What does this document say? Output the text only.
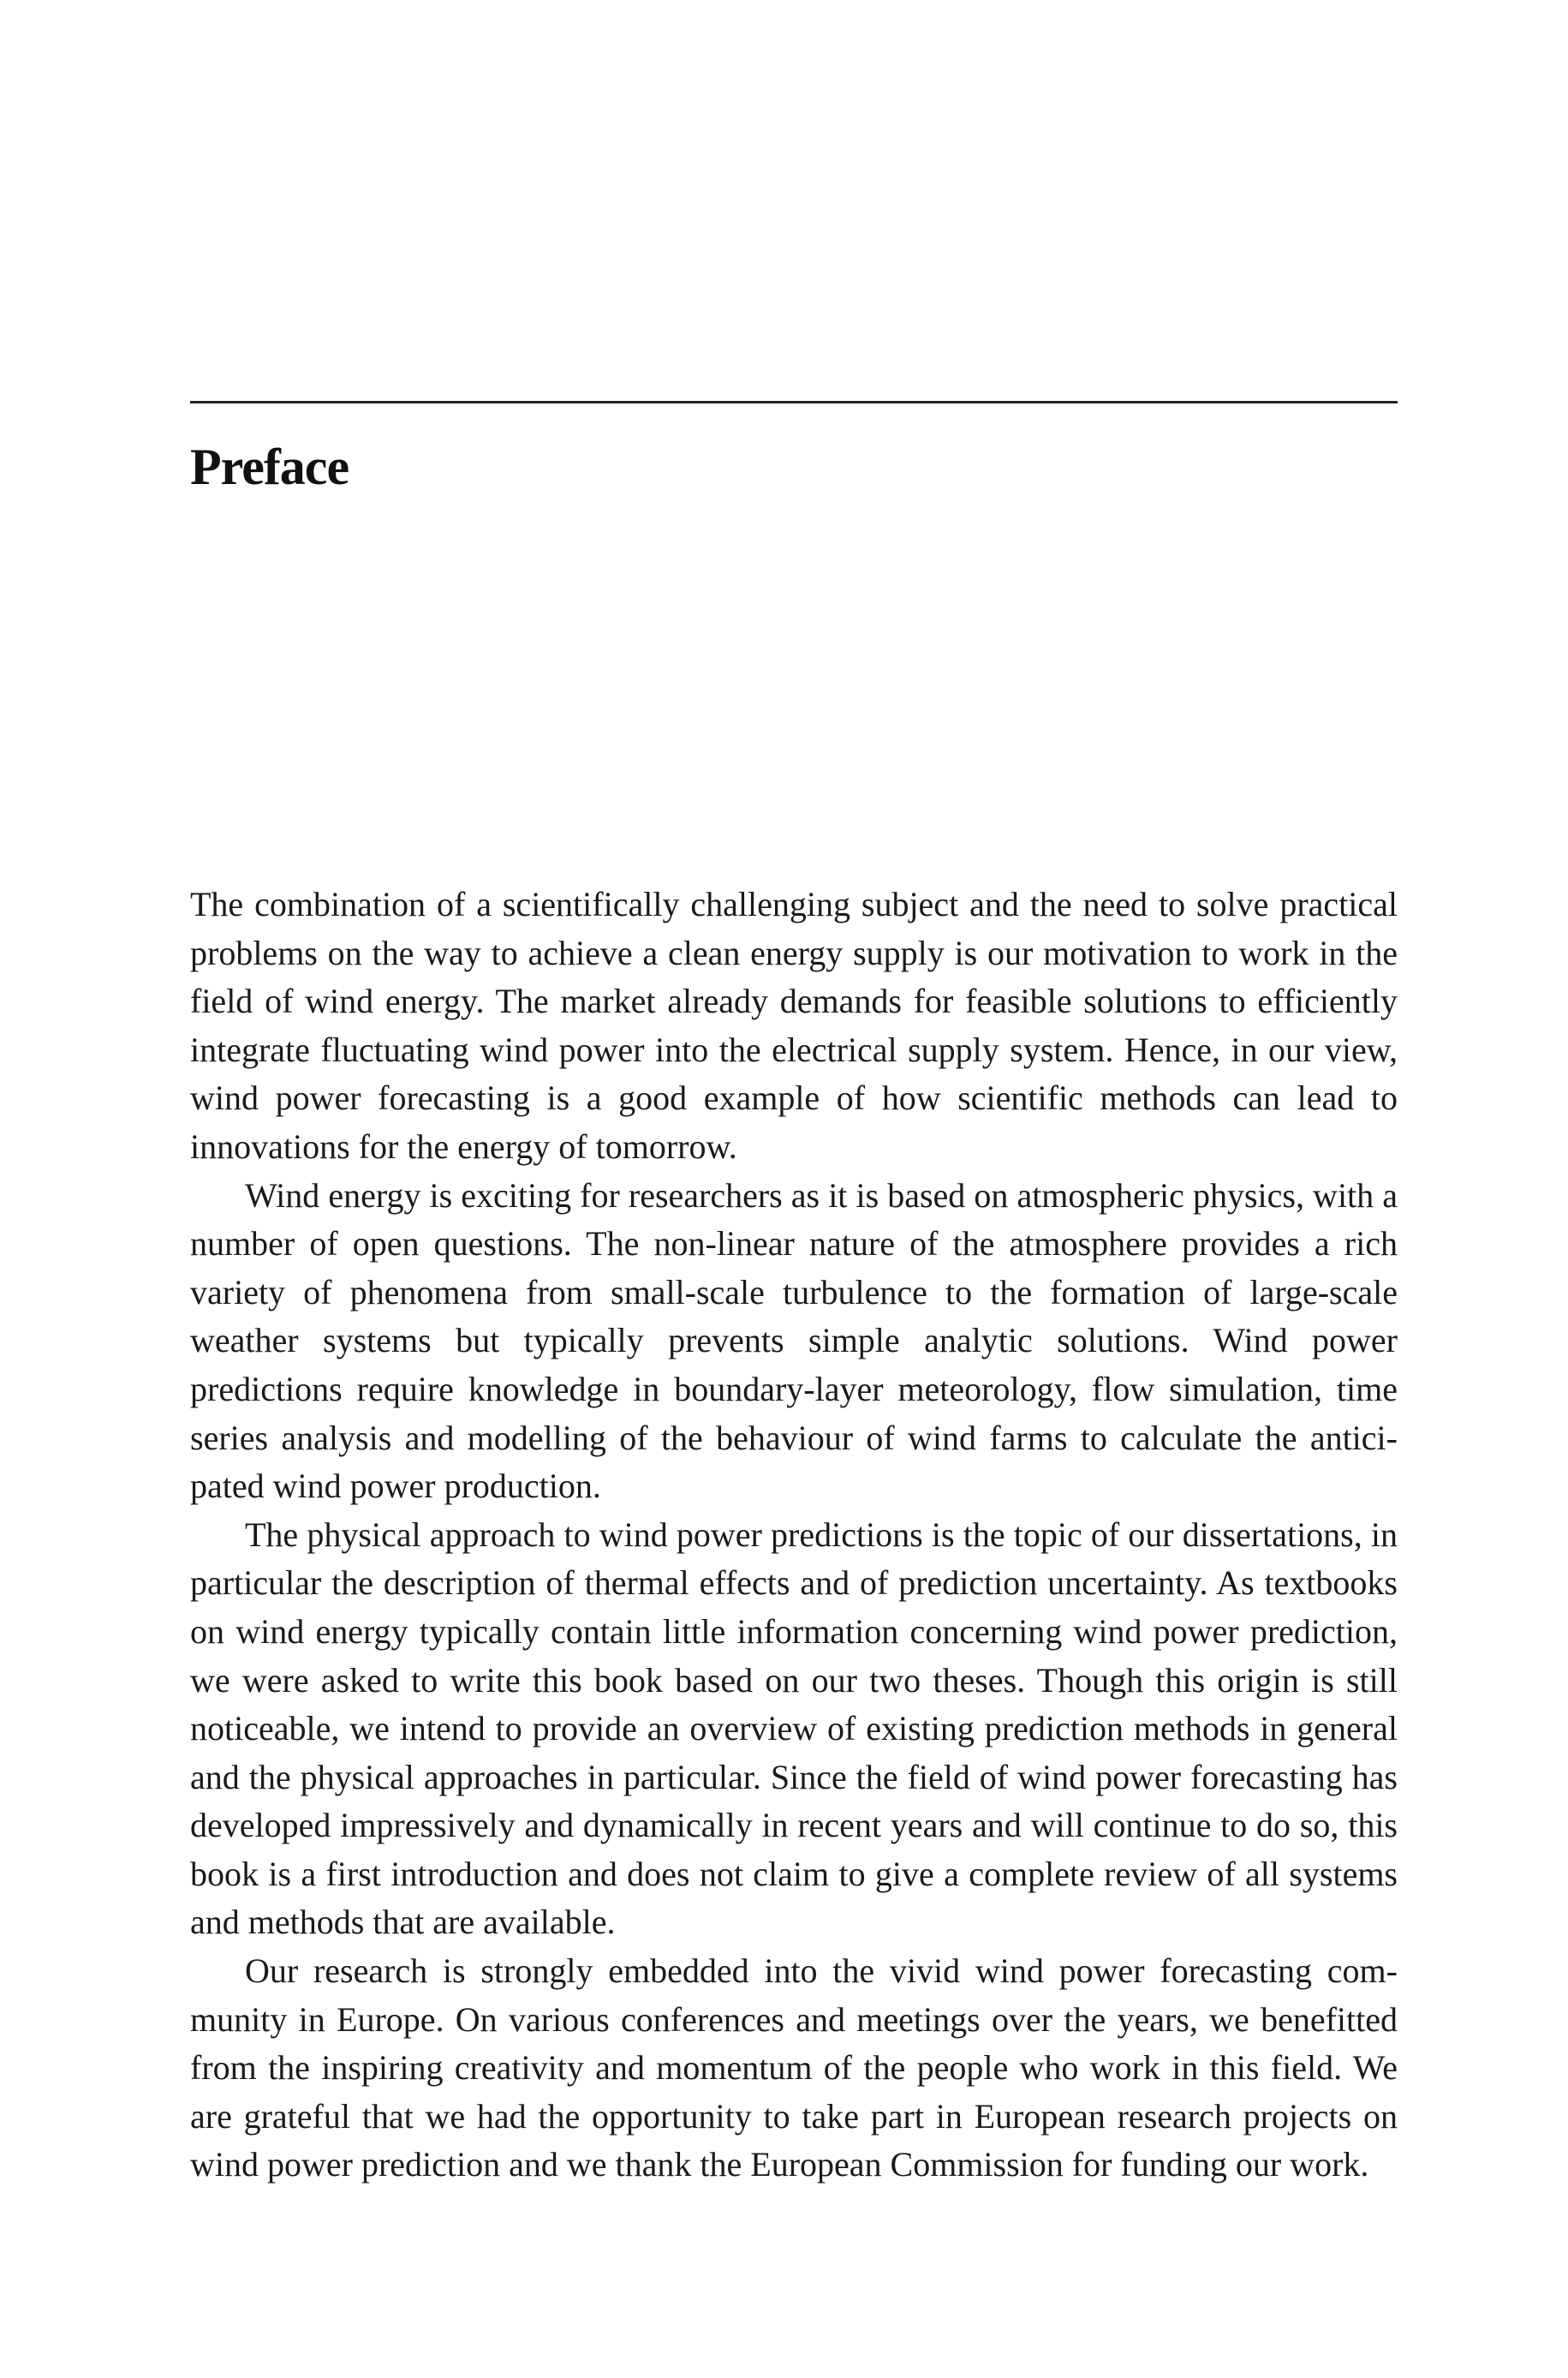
Preface

The combination of a scientifically challenging subject and the need to solve practical problems on the way to achieve a clean energy supply is our motivation to work in the field of wind energy. The market already demands for feasible solutions to efficiently integrate fluctuating wind power into the electrical supply system. Hence, in our view, wind power forecasting is a good example of how scientific methods can lead to innovations for the energy of tomorrow.

Wind energy is exciting for researchers as it is based on atmospheric physics, with a number of open questions. The non-linear nature of the atmosphere provides a rich variety of phenomena from small-scale turbulence to the formation of large-scale weather systems but typically prevents simple analytic solutions. Wind power predictions require knowledge in boundary-layer meteorology, flow simulation, time series analysis and modelling of the behaviour of wind farms to calculate the anticipated wind power production.

The physical approach to wind power predictions is the topic of our dissertations, in particular the description of thermal effects and of prediction uncertainty. As textbooks on wind energy typically contain little information concerning wind power prediction, we were asked to write this book based on our two theses. Though this origin is still noticeable, we intend to provide an overview of existing prediction methods in general and the physical approaches in particular. Since the field of wind power forecasting has developed impressively and dynamically in recent years and will continue to do so, this book is a first introduction and does not claim to give a complete review of all systems and methods that are available.

Our research is strongly embedded into the vivid wind power forecasting community in Europe. On various conferences and meetings over the years, we benefitted from the inspiring creativity and momentum of the people who work in this field. We are grateful that we had the opportunity to take part in European research projects on wind power prediction and we thank the European Commission for funding our work.
